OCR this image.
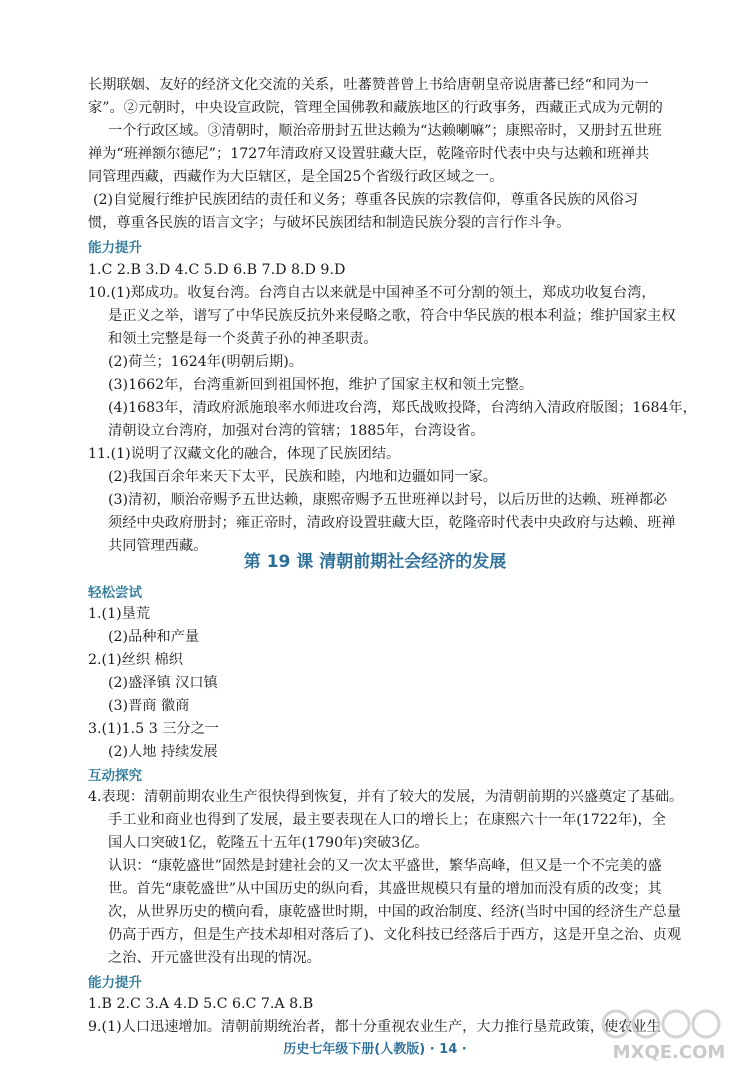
长期联姻、友好的经济文化交流的关系，吐蕃赞普曾上书给唐朝皇帝说唐蕃已经“和同为一
家”。②元朝时，中央设宣政院，管理全国佛教和藏族地区的行政事务，西藏正式成为元朝的
一个行政区域。③清朝时，顺治帝册封五世达赖为“达赖喇嘛”；康熙帝时，又册封五世班
禅为“班禅额尔德尼”；1727年清政府又设置驻藏大臣，乾隆帝时代表中央与达赖和班禅共
同管理西藏，西藏作为大臣辖区，是全国25个省级行政区域之一。
(2)自觉履行维护民族团结的责任和义务；尊重各民族的宗教信仰，尊重各民族的风俗习
惯，尊重各民族的语言文字；与破坏民族团结和制造民族分裂的言行作斗争。
能力提升
1.C 2.B 3.D 4.C 5.D 6.B 7.D 8.D 9.D
10.(1)郑成功。收复台湾。台湾自古以来就是中国神圣不可分割的领土，郑成功收复台湾，
是正义之举，谱写了中华民族反抗外来侵略之歌，符合中华民族的根本利益；维护国家主权
和领土完整是每一个炎黄子孙的神圣职责。
(2)荷兰；1624年(明朝后期)。
(3)1662年，台湾重新回到祖国怀抱，维护了国家主权和领土完整。
(4)1683年，清政府派施琅率水师进攻台湾，郑氏战败投降，台湾纳入清政府版图；1684年，
清朝设立台湾府，加强对台湾的管辖；1885年，台湾设省。
11.(1)说明了汉藏文化的融合，体现了民族团结。
(2)我国百余年来天下太平，民族和睦，内地和边疆如同一家。
(3)清初，顺治帝赐予五世达赖，康熙帝赐予五世班禅以封号，以后历世的达赖、班禅都必
须经中央政府册封；雍正帝时，清政府设置驻藏大臣，乾隆帝时代表中央政府与达赖、班禅
共同管理西藏。
第 19 课 清朝前期社会经济的发展
轻松尝试
1.(1)垦荒
(2)品种和产量
2.(1)丝织 棉织
(2)盛泽镇 汉口镇
(3)晋商 徽商
3.(1)1.5 3 三分之一
(2)人地 持续发展
互动探究
4.表现：清朝前期农业生产很快得到恢复，并有了较大的发展，为清朝前期的兴盛奠定了基础。
手工业和商业也得到了发展，最主要表现在人口的增长上；在康熙六十一年(1722年)，全
国人口突破1亿，乾隆五十五年(1790年)突破3亿。
认识：“康乾盛世”固然是封建社会的又一次太平盛世，繁华高峰，但又是一个不完美的盛
世。首先“康乾盛世”从中国历史的纵向看，其盛世规模只有量的增加而没有质的改变；其
次，从世界历史的横向看，康乾盛世时期，中国的政治制度、经济(当时中国的经济生产总量
仍高于西方，但是生产技术却相对落后了)、文化科技已经落后于西方，这是开皇之治、贞观
之治、开元盛世没有出现的情况。
能力提升
1.B 2.C 3.A 4.D 5.C 6.C 7.A 8.B
9.(1)人口迅速增加。清朝前期统治者，都十分重视农业生产，大力推行垦荒政策，使农业生
历史七年级下册(人教版) · 14 ·	MXQE.COM
